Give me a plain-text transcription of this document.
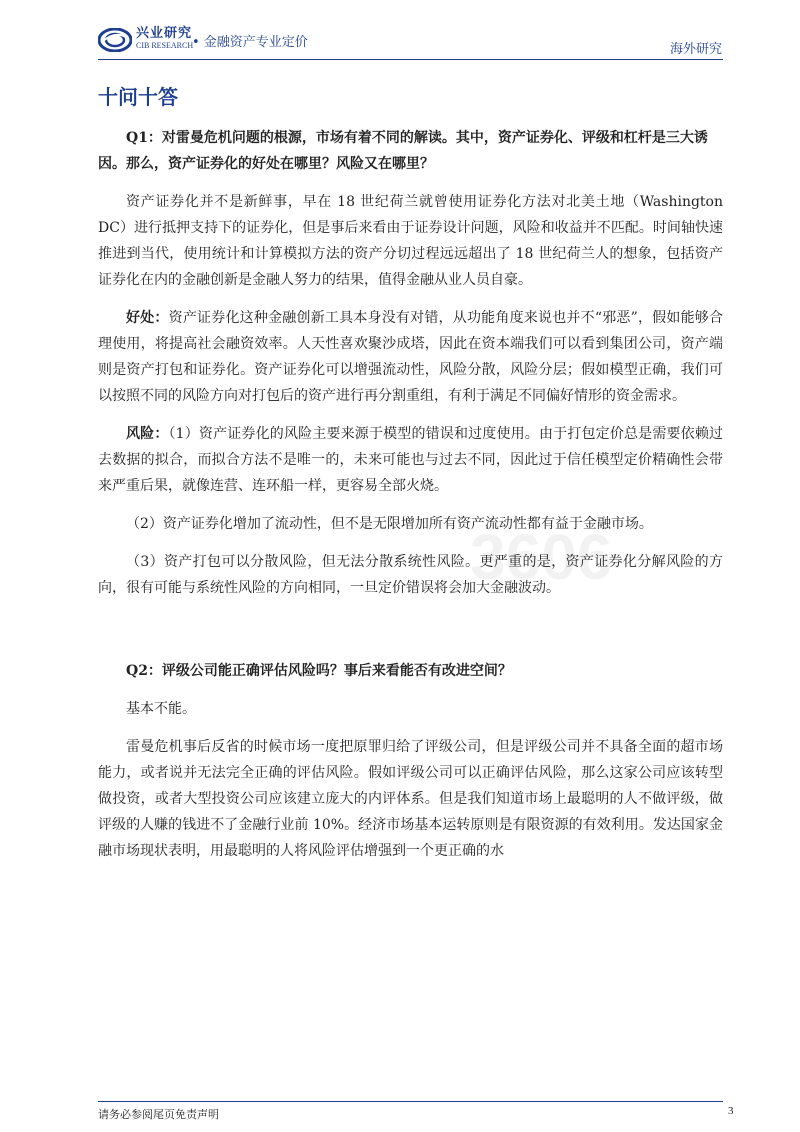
兴业研究
CIB RESEARCH
• 金融资产专业定价	海外研究
3606
十问十答
Q1：对雷曼危机问题的根源，市场有着不同的解读。其中，资产证券化、评级和杠杆是三大诱因。那么，资产证券化的好处在哪里？风险又在哪里？
资产证券化并不是新鲜事，早在 18 世纪荷兰就曾使用证券化方法对北美土地（Washington DC）进行抵押支持下的证券化，但是事后来看由于证券设计问题，风险和收益并不匹配。时间轴快速推进到当代，使用统计和计算模拟方法的资产分切过程远远超出了 18 世纪荷兰人的想象，包括资产证券化在内的金融创新是金融人努力的结果，值得金融从业人员自豪。
好处：资产证券化这种金融创新工具本身没有对错，从功能角度来说也并不“邪恶”，假如能够合理使用，将提高社会融资效率。人天性喜欢聚沙成塔，因此在资本端我们可以看到集团公司，资产端则是资产打包和证券化。资产证券化可以增强流动性，风险分散，风险分层；假如模型正确，我们可以按照不同的风险方向对打包后的资产进行再分割重组，有利于满足不同偏好情形的资金需求。
风险：（1）资产证券化的风险主要来源于模型的错误和过度使用。由于打包定价总是需要依赖过去数据的拟合，而拟合方法不是唯一的，未来可能也与过去不同，因此过于信任模型定价精确性会带来严重后果，就像连营、连环船一样，更容易全部火烧。
（2）资产证券化增加了流动性，但不是无限增加所有资产流动性都有益于金融市场。
（3）资产打包可以分散风险，但无法分散系统性风险。更严重的是，资产证券化分解风险的方向，很有可能与系统性风险的方向相同，一旦定价错误将会加大金融波动。
Q2：评级公司能正确评估风险吗？事后来看能否有改进空间？
基本不能。
雷曼危机事后反省的时候市场一度把原罪归给了评级公司，但是评级公司并不具备全面的超市场能力，或者说并无法完全正确的评估风险。假如评级公司可以正确评估风险，那么这家公司应该转型做投资，或者大型投资公司应该建立庞大的内评体系。但是我们知道市场上最聪明的人不做评级，做评级的人赚的钱进不了金融行业前 10%。经济市场基本运转原则是有限资源的有效利用。发达国家金融市场现状表明，用最聪明的人将风险评估增强到一个更正确的水
请务必参阅尾页免责声明	3
